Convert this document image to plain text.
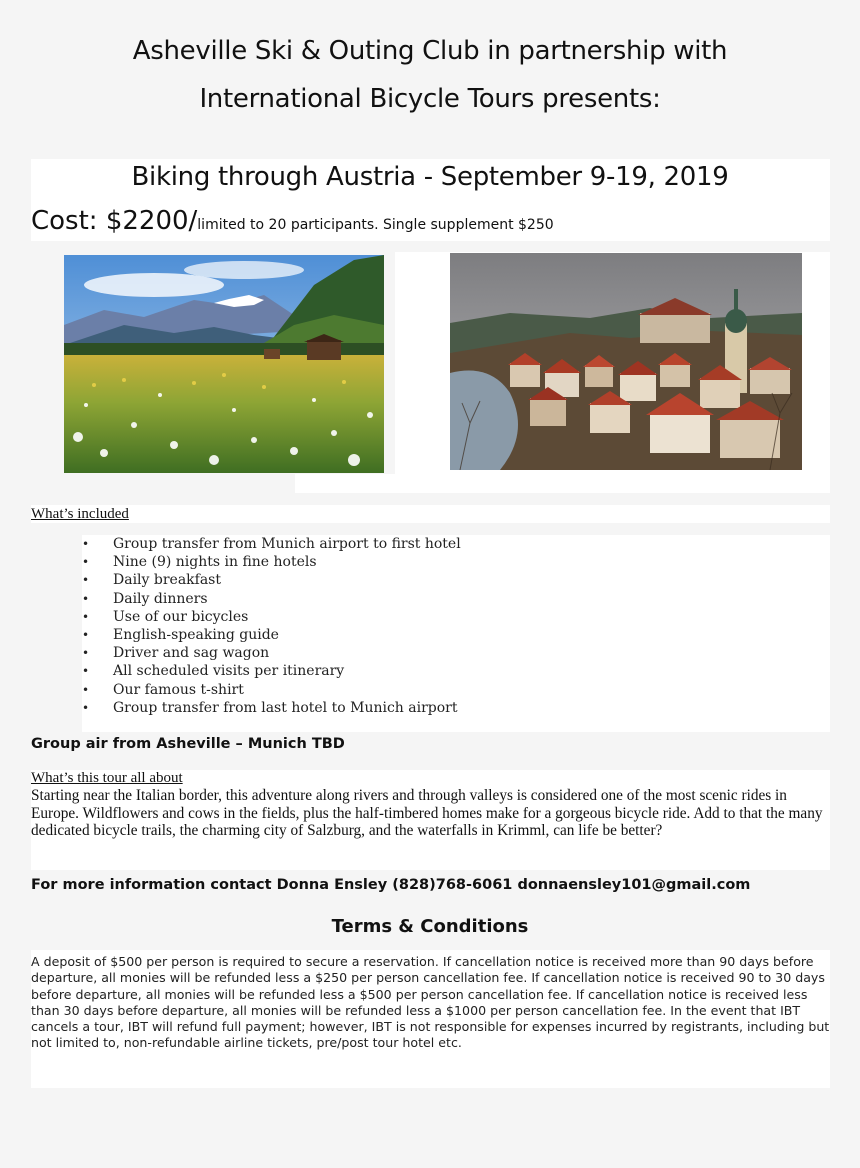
Asheville Ski & Outing Club in partnership with
International Bicycle Tours presents:
Biking through Austria - September 9-19, 2019
Cost: $2200/limited to 20 participants. Single supplement $250
What’s included
• Group transfer from Munich airport to first hotel
• Nine (9) nights in fine hotels
• Daily breakfast
• Daily dinners
• Use of our bicycles
• English-speaking guide
• Driver and sag wagon
• All scheduled visits per itinerary
• Our famous t-shirt
• Group transfer from last hotel to Munich airport
Group air from Asheville – Munich TBD
What’s this tour all about
Starting near the Italian border, this adventure along rivers and through valleys is considered one of the most scenic rides in Europe. Wildflowers and cows in the fields, plus the half-timbered homes make for a gorgeous bicycle ride. Add to that the many dedicated bicycle trails, the charming city of Salzburg, and the waterfalls in Krimml, can life be better?
For more information contact Donna Ensley (828)768-6061 donnaensley101@gmail.com
Terms & Conditions
A deposit of $500 per person is required to secure a reservation. If cancellation notice is received more than 90 days before departure, all monies will be refunded less a $250 per person cancellation fee. If cancellation notice is received 90 to 30 days before departure, all monies will be refunded less a $500 per person cancellation fee. If cancellation notice is received less than 30 days before departure, all monies will be refunded less a $1000 per person cancellation fee. In the event that IBT cancels a tour, IBT will refund full payment; however, IBT is not responsible for expenses incurred by registrants, including but not limited to, non-refundable airline tickets, pre/post tour hotel etc.
